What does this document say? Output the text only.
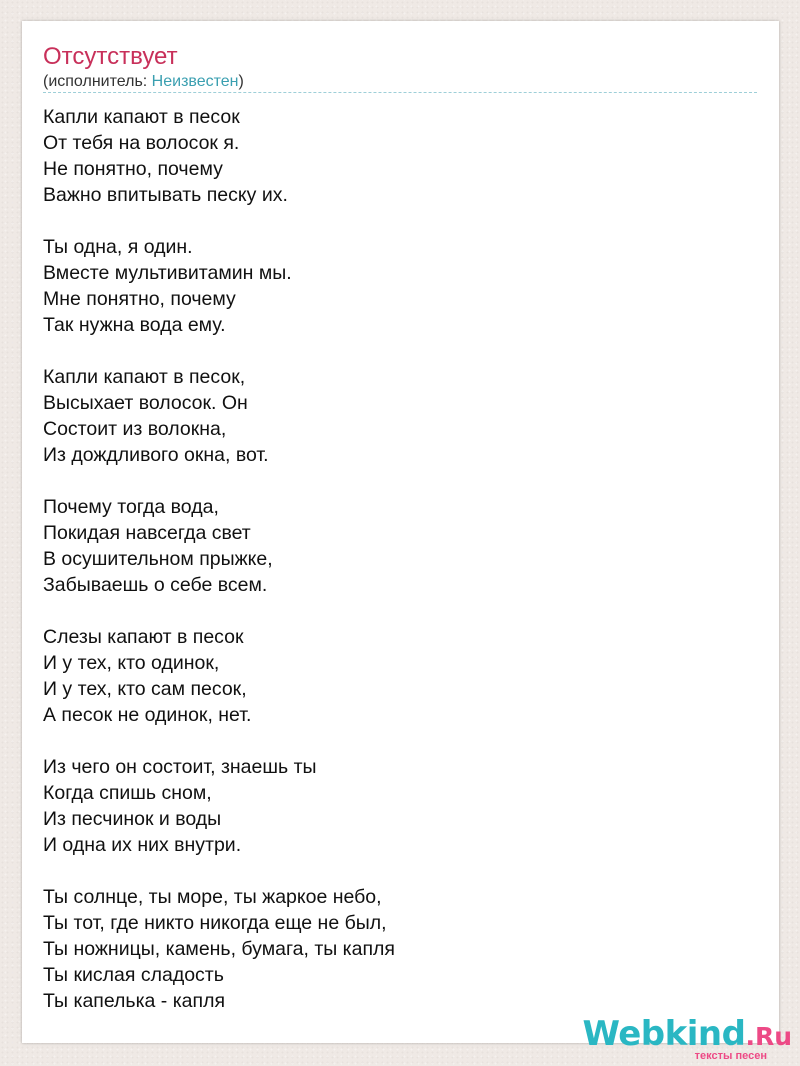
Отсутствует
(исполнитель: Неизвестен)
Капли капают в песок
От тебя на волосок я.
Не понятно, почему
Важно впитывать песку их.
Ты одна, я один.
Вместе мультивитамин мы.
Мне понятно, почему
Так нужна вода ему.
Капли капают в песок,
Высыхает волосок. Он
Состоит из волокна,
Из дождливого окна, вот.
Почему тогда вода,
Покидая навсегда свет
В осушительном прыжке,
Забываешь о себе всем.
Слезы капают в песок
И у тех, кто одинок,
И у тех, кто сам песок,
А песок не одинок, нет.
Из чего он состоит, знаешь ты
Когда спишь сном,
Из песчинок и воды
И одна их них внутри.
Ты солнце, ты море, ты жаркое небо,
Ты тот, где никто никогда еще не был,
Ты ножницы, камень, бумага, ты капля
Ты кислая сладость
Ты капелька - капля
Webkind.Ru
тексты песен
